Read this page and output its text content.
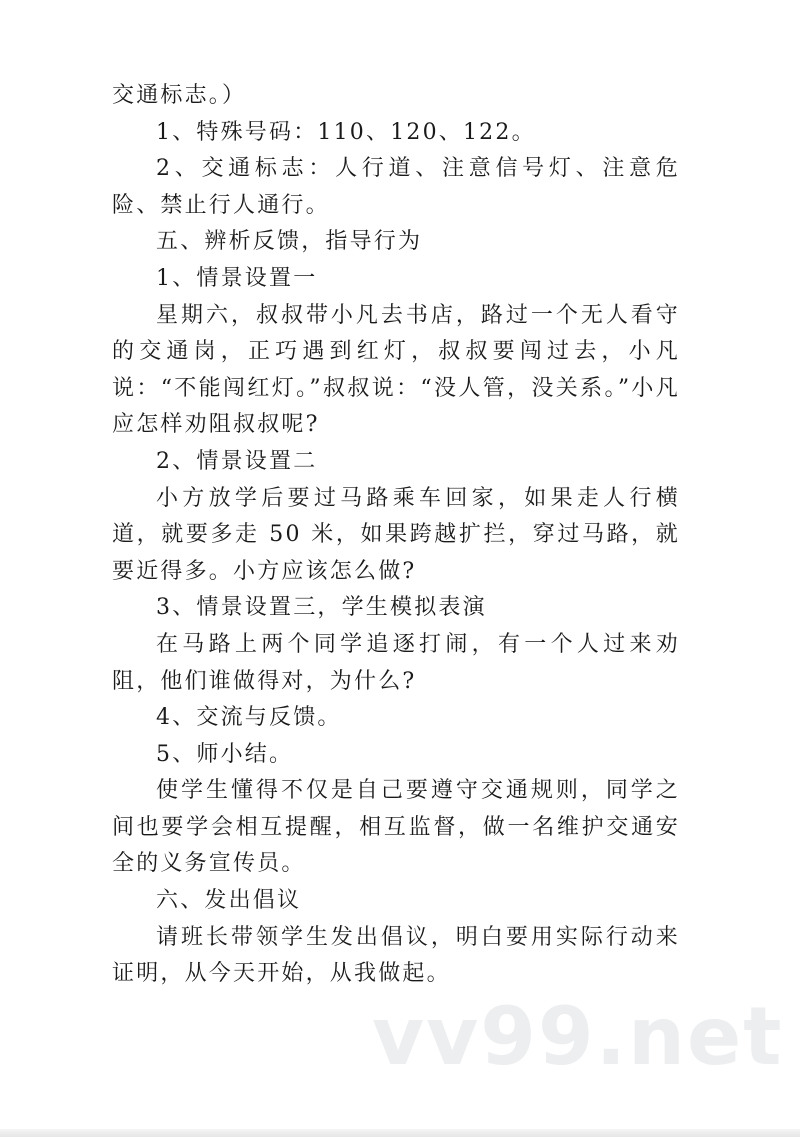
交通标志。）

1、特殊号码：110、120、122。

2、交通标志：人行道、注意信号灯、注意危险、禁止行人通行。

五、辨析反馈，指导行为

1、情景设置一

星期六，叔叔带小凡去书店，路过一个无人看守的交通岗，正巧遇到红灯，叔叔要闯过去，小凡说：“不能闯红灯。”叔叔说：“没人管，没关系。”小凡应怎样劝阻叔叔呢?

2、情景设置二

小方放学后要过马路乘车回家，如果走人行横道，就要多走 50 米，如果跨越扩拦，穿过马路，就要近得多。小方应该怎么做?

3、情景设置三，学生模拟表演

在马路上两个同学追逐打闹，有一个人过来劝阻，他们谁做得对，为什么?

4、交流与反馈。

5、师小结。

使学生懂得不仅是自己要遵守交通规则，同学之间也要学会相互提醒，相互监督，做一名维护交通安全的义务宣传员。

六、发出倡议

请班长带领学生发出倡议，明白要用实际行动来证明，从今天开始，从我做起。

vv99.net
